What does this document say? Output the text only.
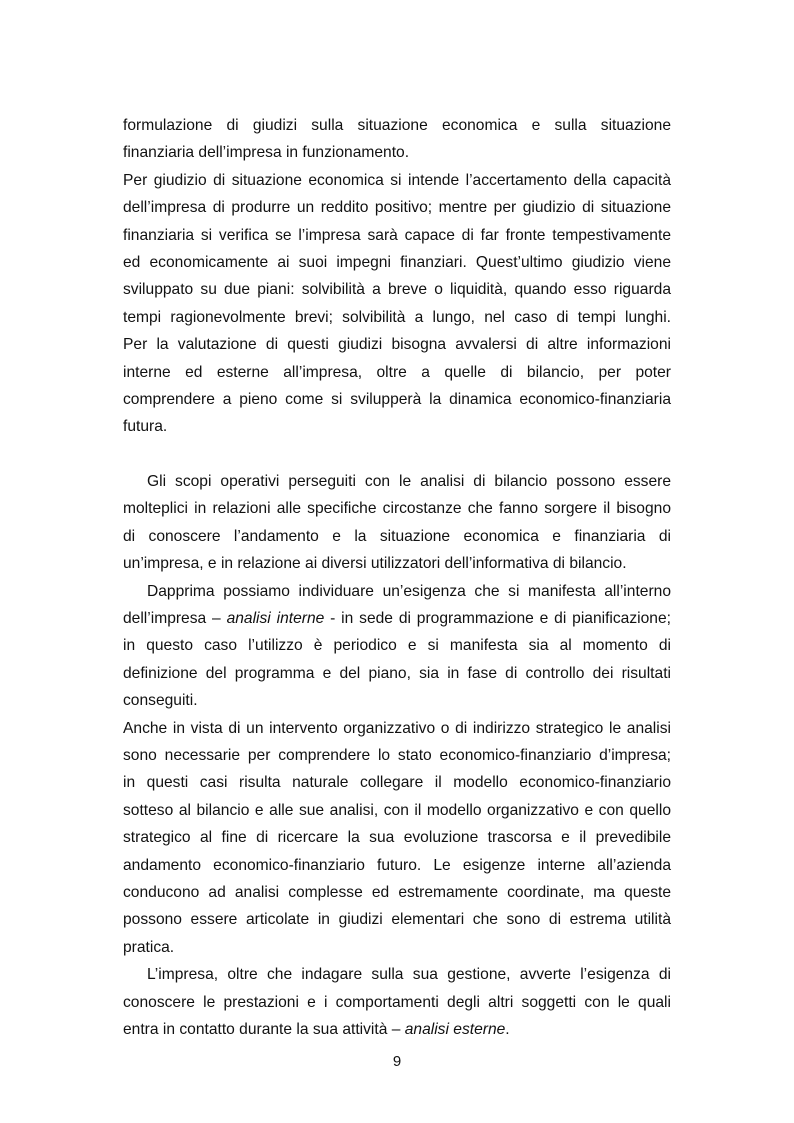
formulazione di giudizi sulla situazione economica e sulla situazione
finanziaria dell’impresa in funzionamento.
Per giudizio di situazione economica si intende l’accertamento della capacità
dell’impresa di produrre un reddito positivo; mentre per giudizio di situazione
finanziaria si verifica se l’impresa sarà capace di far fronte tempestivamente
ed economicamente ai suoi impegni finanziari. Quest’ultimo giudizio viene
sviluppato su due piani: solvibilità a breve o liquidità, quando esso riguarda
tempi ragionevolmente brevi; solvibilità a lungo, nel caso di tempi lunghi.
Per la valutazione di questi giudizi bisogna avvalersi di altre informazioni
interne ed esterne all’impresa, oltre a quelle di bilancio, per poter
comprendere a pieno come si svilupperà la dinamica economico-finanziaria
futura.
Gli scopi operativi perseguiti con le analisi di bilancio possono essere
molteplici in relazioni alle specifiche circostanze che fanno sorgere il bisogno
di conoscere l’andamento e la situazione economica e finanziaria di
un’impresa, e in relazione ai diversi utilizzatori dell’informativa di bilancio.
Dapprima possiamo individuare un’esigenza che si manifesta all’interno
dell’impresa – analisi interne - in sede di programmazione e di pianificazione;
in questo caso l’utilizzo è periodico e si manifesta sia al momento di
definizione del programma e del piano, sia in fase di controllo dei risultati
conseguiti.
Anche in vista di un intervento organizzativo o di indirizzo strategico le analisi
sono necessarie per comprendere lo stato economico-finanziario d’impresa;
in questi casi risulta naturale collegare il modello economico-finanziario
sotteso al bilancio e alle sue analisi, con il modello organizzativo e con quello
strategico al fine di ricercare la sua evoluzione trascorsa e il prevedibile
andamento economico-finanziario futuro. Le esigenze interne all’azienda
conducono ad analisi complesse ed estremamente coordinate, ma queste
possono essere articolate in giudizi elementari che sono di estrema utilità
pratica.
L’impresa, oltre che indagare sulla sua gestione, avverte l’esigenza di
conoscere le prestazioni e i comportamenti degli altri soggetti con le quali
entra in contatto durante la sua attività – analisi esterne.
9
